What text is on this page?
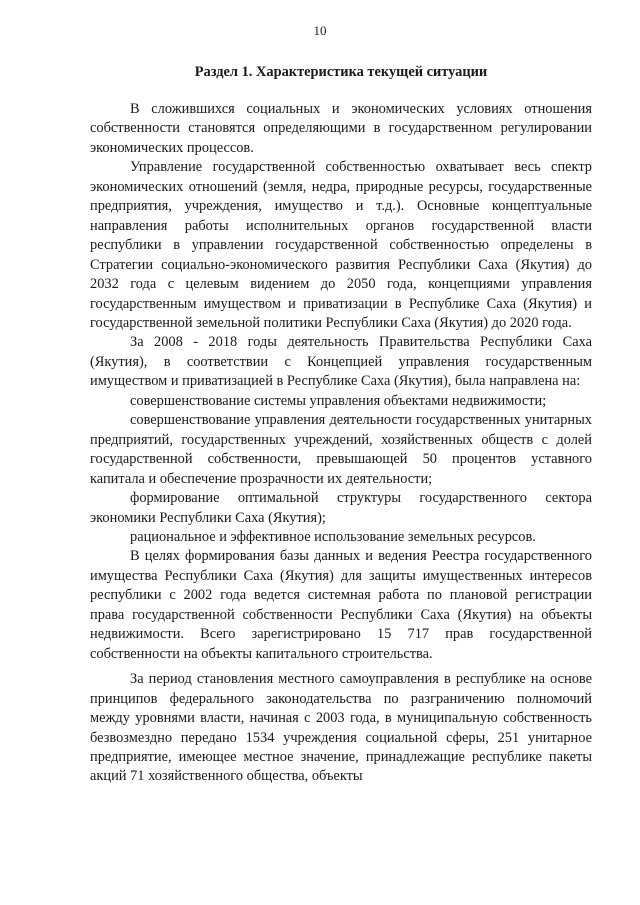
10
Раздел 1. Характеристика текущей ситуации

В сложившихся социальных и экономических условиях отношения собственности становятся определяющими в государственном регулировании экономических процессов.

Управление государственной собственностью охватывает весь спектр экономических отношений (земля, недра, природные ресурсы, государственные предприятия, учреждения, имущество и т.д.). Основные концептуальные направления работы исполнительных органов государственной власти республики в управлении государственной собственностью определены в Стратегии социально-экономического развития Республики Саха (Якутия) до 2032 года с целевым видением до 2050 года, концепциями управления государственным имуществом и приватизации в Республике Саха (Якутия) и государственной земельной политики Республики Саха (Якутия) до 2020 года.

За 2008 - 2018 годы деятельность Правительства Республики Саха (Якутия), в соответствии с Концепцией управления государственным имуществом и приватизацией в Республике Саха (Якутия), была направлена на:

совершенствование системы управления объектами недвижимости;

совершенствование управления деятельности государственных унитарных предприятий, государственных учреждений, хозяйственных обществ с долей государственной собственности, превышающей 50 процентов уставного капитала и обеспечение прозрачности их деятельности;

формирование оптимальной структуры государственного сектора экономики Республики Саха (Якутия);

рациональное и эффективное использование земельных ресурсов.

В целях формирования базы данных и ведения Реестра государственного имущества Республики Саха (Якутия) для защиты имущественных интересов республики с 2002 года ведется системная работа по плановой регистрации права государственной собственности Республики Саха (Якутия) на объекты недвижимости. Всего зарегистрировано 15 717 прав государственной собственности на объекты капитального строительства.

За период становления местного самоуправления в республике на основе принципов федерального законодательства по разграничению полномочий между уровнями власти, начиная с 2003 года, в муниципальную собственность безвозмездно передано 1534 учреждения социальной сферы, 251 унитарное предприятие, имеющее местное значение, принадлежащие республике пакеты акций 71 хозяйственного общества, объекты
